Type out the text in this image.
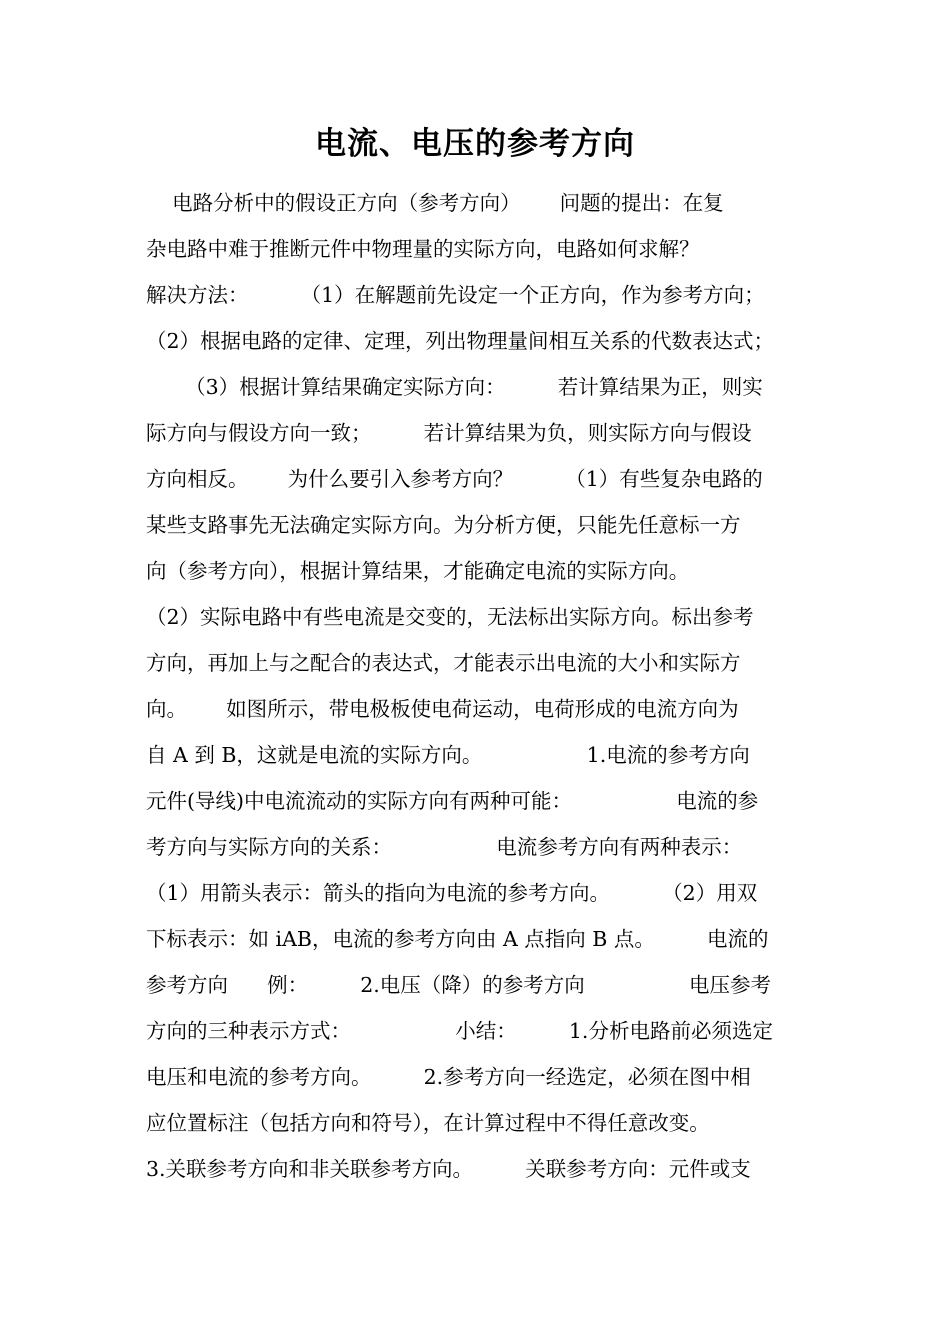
电流、电压的参考方向
电路分析中的假设正方向（参考方向）      问题的提出：在复
杂电路中难于推断元件中物理量的实际方向，电路如何求解？
解决方法：        （1）在解题前先设定一个正方向，作为参考方向；
（2）根据电路的定律、定理，列出物理量间相互关系的代数表达式；
（3）根据计算结果确定实际方向：        若计算结果为正，则实
际方向与假设方向一致；        若计算结果为负，则实际方向与假设
方向相反。      为什么要引入参考方向？        （1）有些复杂电路的
某些支路事先无法确定实际方向。为分析方便，只能先任意标一方
向（参考方向），根据计算结果，才能确定电流的实际方向。
（2）实际电路中有些电流是交变的，无法标出实际方向。标出参考
方向，再加上与之配合的表达式，才能表示出电流的大小和实际方
向。      如图所示，带电极板使电荷运动，电荷形成的电流方向为
自 A 到 B，这就是电流的实际方向。                1.电流的参考方向
元件(导线)中电流流动的实际方向有两种可能：                电流的参
考方向与实际方向的关系：                电流参考方向有两种表示：
（1）用箭头表示：箭头的指向为电流的参考方向。        （2）用双
下标表示：如 iAB，电流的参考方向由 A 点指向 B 点。        电流的
参考方向      例：        2.电压（降）的参考方向                电压参考
方向的三种表示方式：                小结：        1.分析电路前必须选定
电压和电流的参考方向。        2.参考方向一经选定，必须在图中相
应位置标注（包括方向和符号），在计算过程中不得任意改变。
3.关联参考方向和非关联参考方向。        关联参考方向：元件或支
